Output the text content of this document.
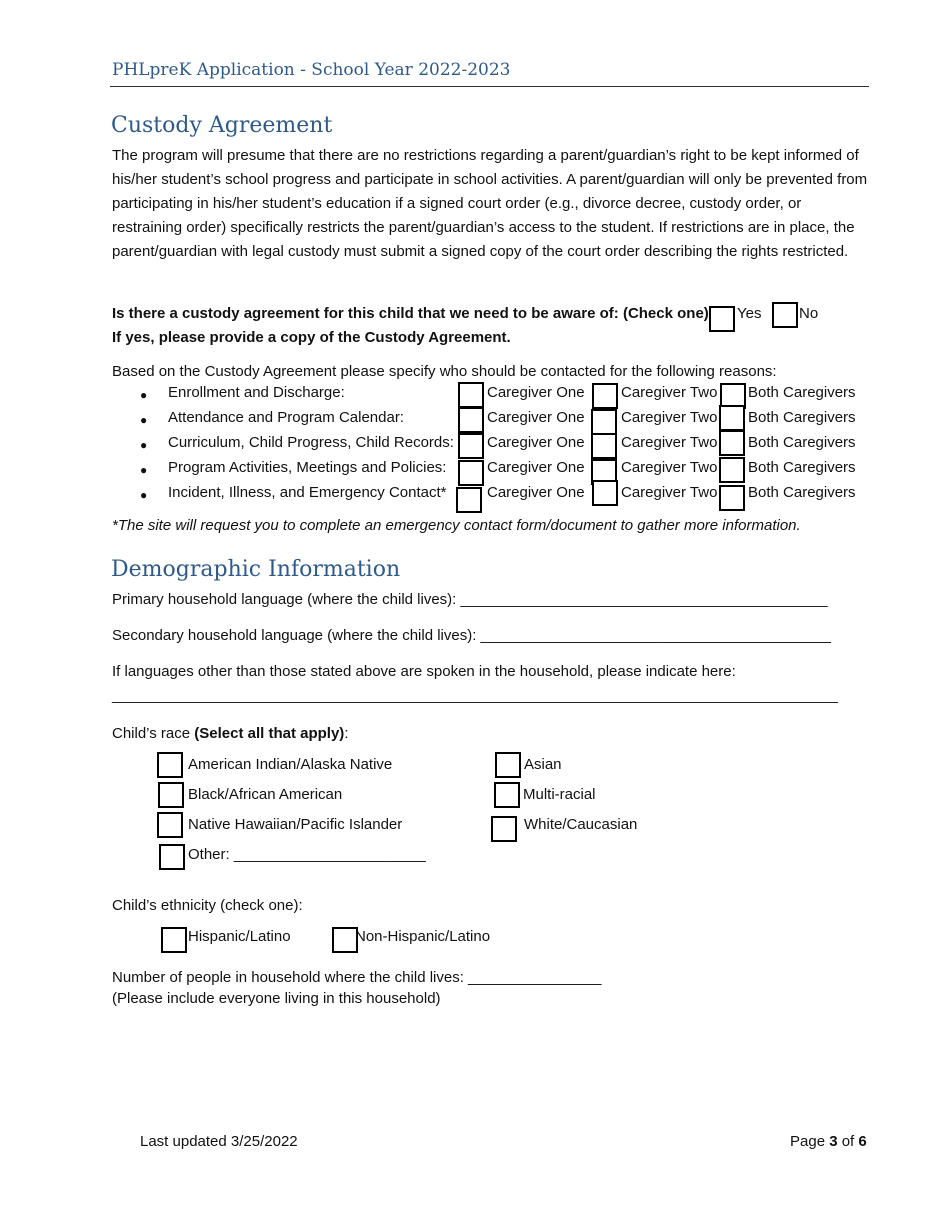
PHLpreK Application - School Year 2022-2023
Custody Agreement
The program will presume that there are no restrictions regarding a parent/guardian’s right to be kept informed of his/her student’s school progress and participate in school activities. A parent/guardian will only be prevented from participating in his/her student’s education if a signed court order (e.g., divorce decree, custody order, or restraining order) specifically restricts the parent/guardian’s access to the student. If restrictions are in place, the parent/guardian with legal custody must submit a signed copy of the court order describing the rights restricted.
Is there a custody agreement for this child that we need to be aware of: (Check one) Yes	No
If yes, please provide a copy of the Custody Agreement.
Based on the Custody Agreement please specify who should be contacted for the following reasons:
● Enrollment and Discharge:	Caregiver One Caregiver Two Both Caregivers
● Attendance and Program Calendar:	Caregiver One Caregiver Two Both Caregivers
● Curriculum, Child Progress, Child Records: Caregiver One Caregiver Two Both Caregivers
● Program Activities, Meetings and Policies:	Caregiver One Caregiver Two Both Caregivers
● Incident, Illness, and Emergency Contact*	Caregiver One Caregiver Two Both Caregivers
*The site will request you to complete an emergency contact form/document to gather more information.
Demographic Information
Primary household language (where the child lives): ____________________________________________
Secondary household language (where the child lives): __________________________________________
If languages other than those stated above are spoken in the household, please indicate here:
_______________________________________________________________________________________
Child’s race (Select all that apply):
American Indian/Alaska Native
Black/African American
Native Hawaiian/Pacific Islander
Other: _______________________
Asian
Multi-racial
White/Caucasian
Child’s ethnicity (check one):
Hispanic/Latino	Non-Hispanic/Latino
Number of people in household where the child lives: ________________
(Please include everyone living in this household)
Last updated 3/25/2022	Page 3 of 6
